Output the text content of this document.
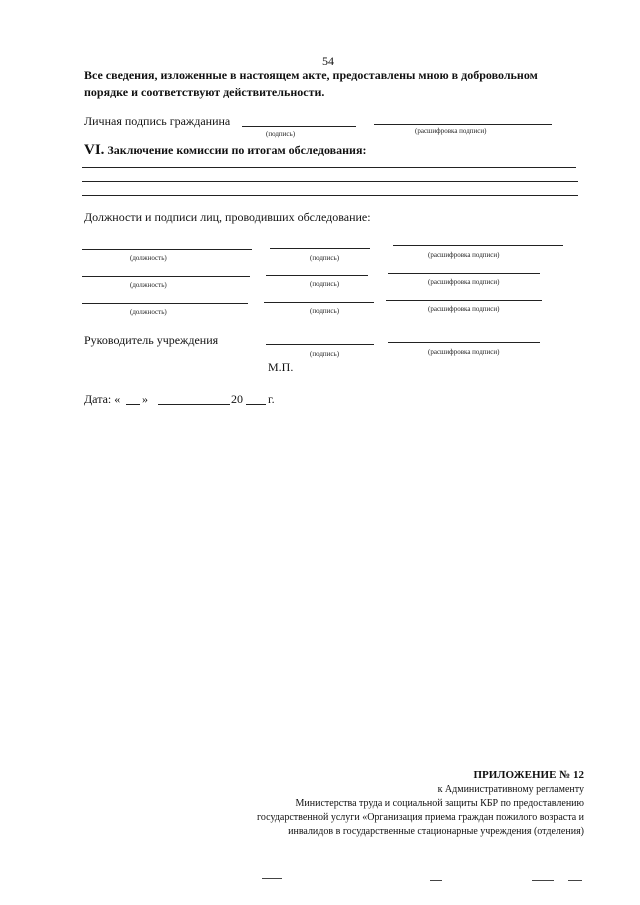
54
Все сведения, изложенные в настоящем акте, предоставлены мною в добровольном
порядке и соответствуют действительности.
Личная подпись гражданина
(подпись)	(расшифровка подписи)
VI. Заключение комиссии по итогам обследования:
Должности и подписи лиц, проводивших обследование:
(должность)	(подпись)	(расшифровка подписи)
(должность)	(подпись)	(расшифровка подписи)
(должность)	(подпись)	(расшифровка подписи)
Руководитель учреждения
(подпись)	(расшифровка подписи)
М.П.
Дата: « »	20 г.
ПРИЛОЖЕНИЕ № 12
к Административному регламенту
Министерства труда и социальной защиты КБР по предоставлению
государственной услуги «Организация приема граждан пожилого возраста и
инвалидов в государственные стационарные учреждения (отделения)
